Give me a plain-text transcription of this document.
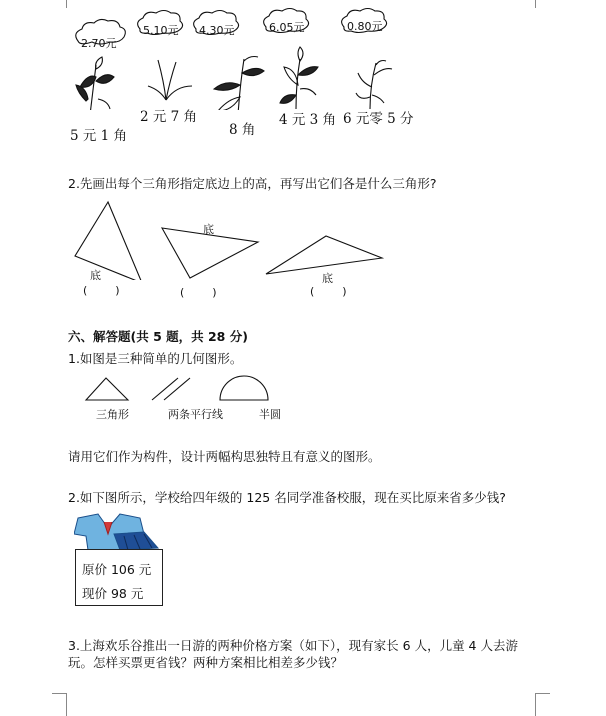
2.70元
5.10元 4.30元	6.05元	0.80元
5 元 1 角
2 元 7 角
8 角
4 元 3 角 6 元零 5 分
2.先画出每个三角形指定底边上的高，再写出它们各是什么三角形?
底
底
底
(        )	(        )	(        )
六、解答题(共 5 题，共 28 分)
1.如图是三种简单的几何图形。
三角形	两条平行线	半圆
请用它们作为构件，设计两幅构思独特且有意义的图形。
2.如下图所示，学校给四年级的 125 名同学准备校服，现在买比原来省多少钱?
原价 106 元
现价 98 元
3.上海欢乐谷推出一日游的两种价格方案（如下），现有家长 6 人，儿童 4 人去游
玩。怎样买票更省钱？两种方案相比相差多少钱？
